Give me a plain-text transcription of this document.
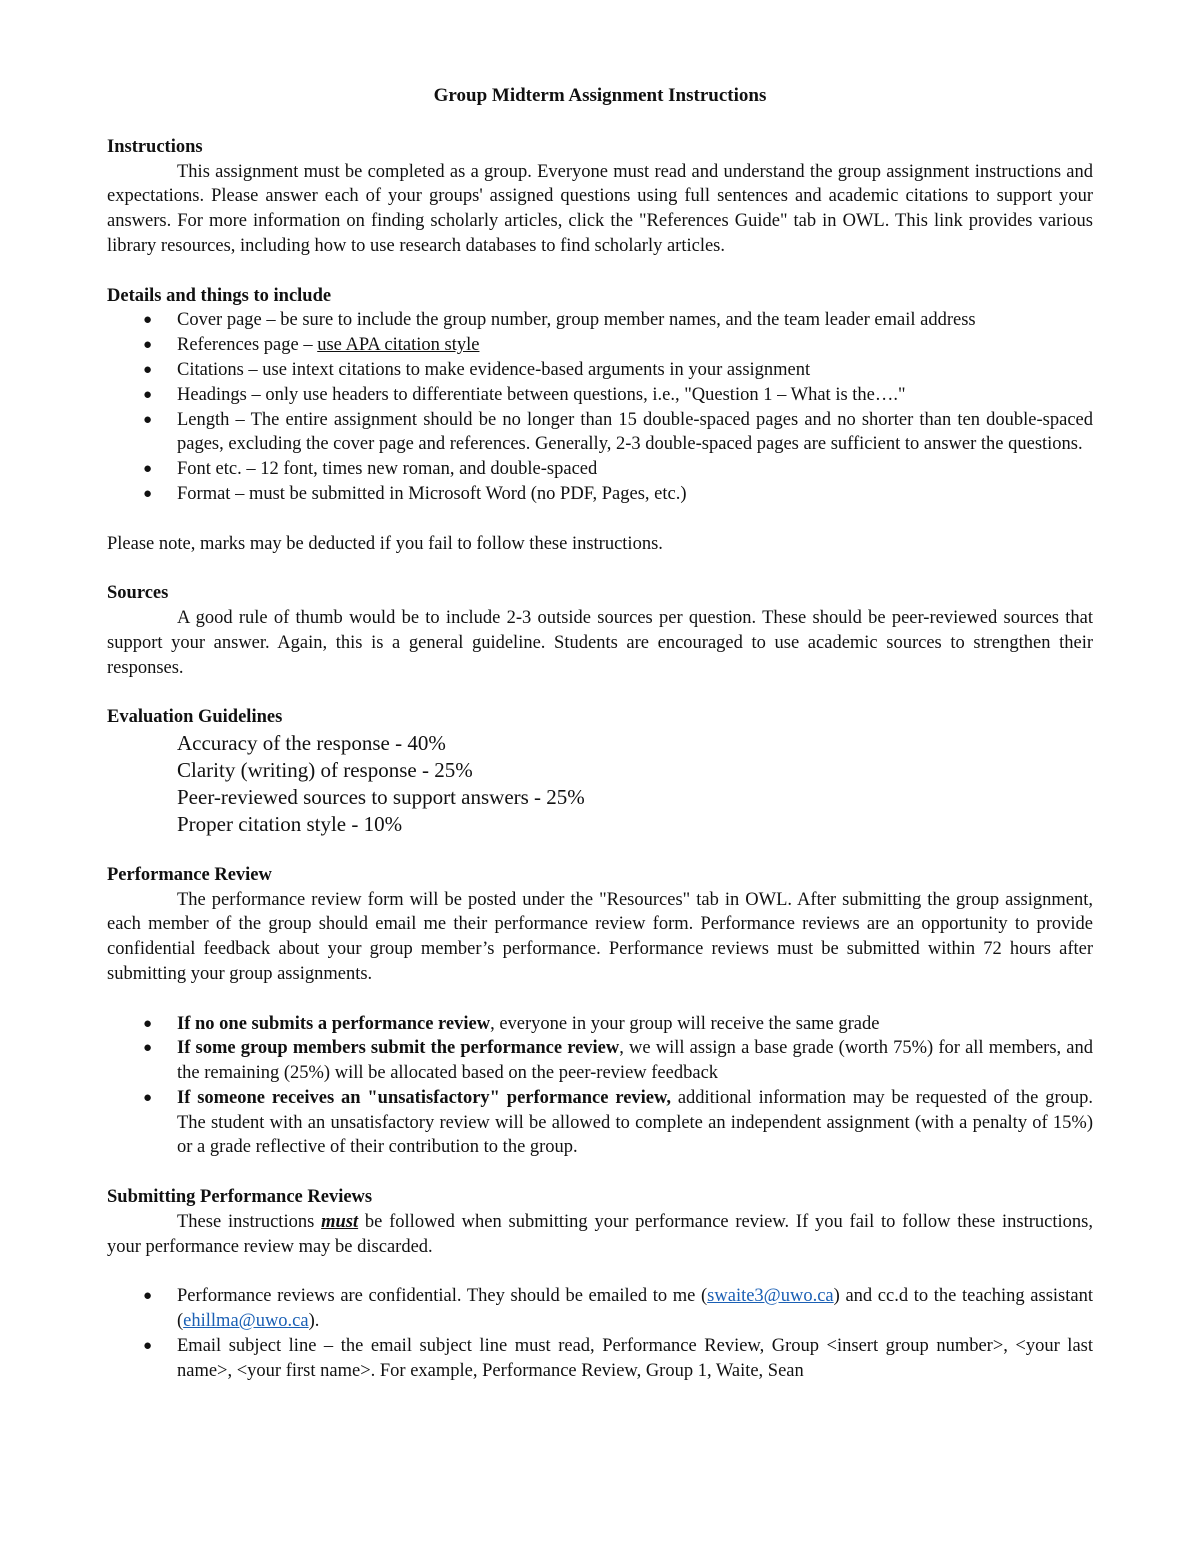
Group Midterm Assignment Instructions

Instructions

This assignment must be completed as a group. Everyone must read and understand the group assignment instructions and expectations. Please answer each of your groups' assigned questions using full sentences and academic citations to support your answers. For more information on finding scholarly articles, click the "References Guide" tab in OWL. This link provides various library resources, including how to use research databases to find scholarly articles.

Details and things to include

● Cover page – be sure to include the group number, group member names, and the team leader email address
● References page – use APA citation style
● Citations – use intext citations to make evidence-based arguments in your assignment
● Headings – only use headers to differentiate between questions, i.e., "Question 1 – What is the…."
● Length – The entire assignment should be no longer than 15 double-spaced pages and no shorter than ten double-spaced pages, excluding the cover page and references. Generally, 2-3 double-spaced pages are sufficient to answer the questions.
● Font etc. – 12 font, times new roman, and double-spaced
● Format – must be submitted in Microsoft Word (no PDF, Pages, etc.)

Please note, marks may be deducted if you fail to follow these instructions.

Sources

A good rule of thumb would be to include 2-3 outside sources per question. These should be peer-reviewed sources that support your answer. Again, this is a general guideline. Students are encouraged to use academic sources to strengthen their responses.

Evaluation Guidelines

Accuracy of the response - 40%
Clarity (writing) of response - 25%
Peer-reviewed sources to support answers - 25%
Proper citation style - 10%

Performance Review

The performance review form will be posted under the "Resources" tab in OWL. After submitting the group assignment, each member of the group should email me their performance review form. Performance reviews are an opportunity to provide confidential feedback about your group member’s performance. Performance reviews must be submitted within 72 hours after submitting your group assignments.

● If no one submits a performance review, everyone in your group will receive the same grade
● If some group members submit the performance review, we will assign a base grade (worth 75%) for all members, and the remaining (25%) will be allocated based on the peer-review feedback
● If someone receives an "unsatisfactory" performance review, additional information may be requested of the group. The student with an unsatisfactory review will be allowed to complete an independent assignment (with a penalty of 15%) or a grade reflective of their contribution to the group.

Submitting Performance Reviews

These instructions must be followed when submitting your performance review. If you fail to follow these instructions, your performance review may be discarded.

● Performance reviews are confidential. They should be emailed to me (swaite3@uwo.ca) and cc.d to the teaching assistant (ehillma@uwo.ca).
● Email subject line – the email subject line must read, Performance Review, Group <insert group number>, <your last name>, <your first name>. For example, Performance Review, Group 1, Waite, Sean
